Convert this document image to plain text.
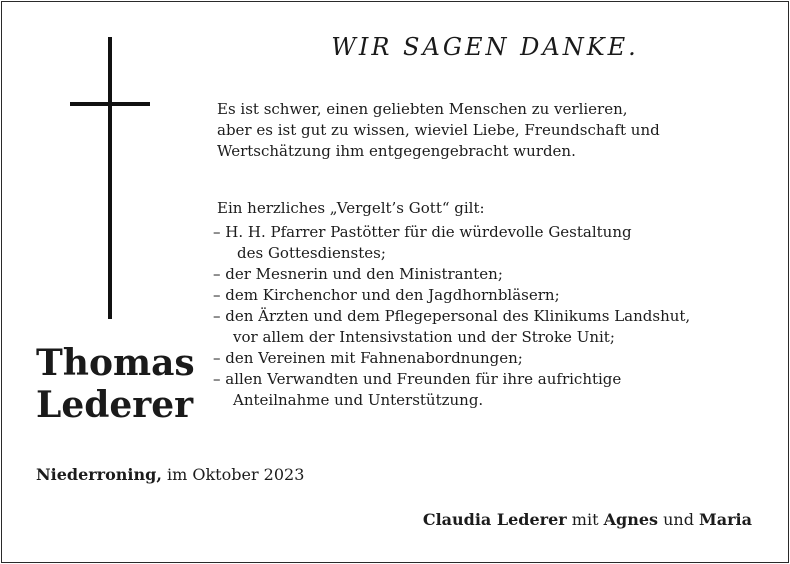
WIR SAGEN DANKE.
Es ist schwer, einen geliebten Menschen zu verlieren,
aber es ist gut zu wissen, wieviel Liebe, Freundschaft und
Wertschätzung ihm entgegengebracht wurden.
Ein herzliches „Vergelt’s Gott“ gilt:
– H. H. Pfarrer Pastötter für die würdevolle Gestaltung
des Gottesdienstes;
– der Mesnerin und den Ministranten;
– dem Kirchenchor und den Jagdhornbläsern;
– den Ärzten und dem Pflegepersonal des Klinikums Landshut,
vor allem der Intensivstation und der Stroke Unit;
– den Vereinen mit Fahnenabordnungen;
– allen Verwandten und Freunden für ihre aufrichtige
Anteilnahme und Unterstützung.
Thomas
Lederer
Niederroning, im Oktober 2023
Claudia Lederer mit Agnes und Maria
